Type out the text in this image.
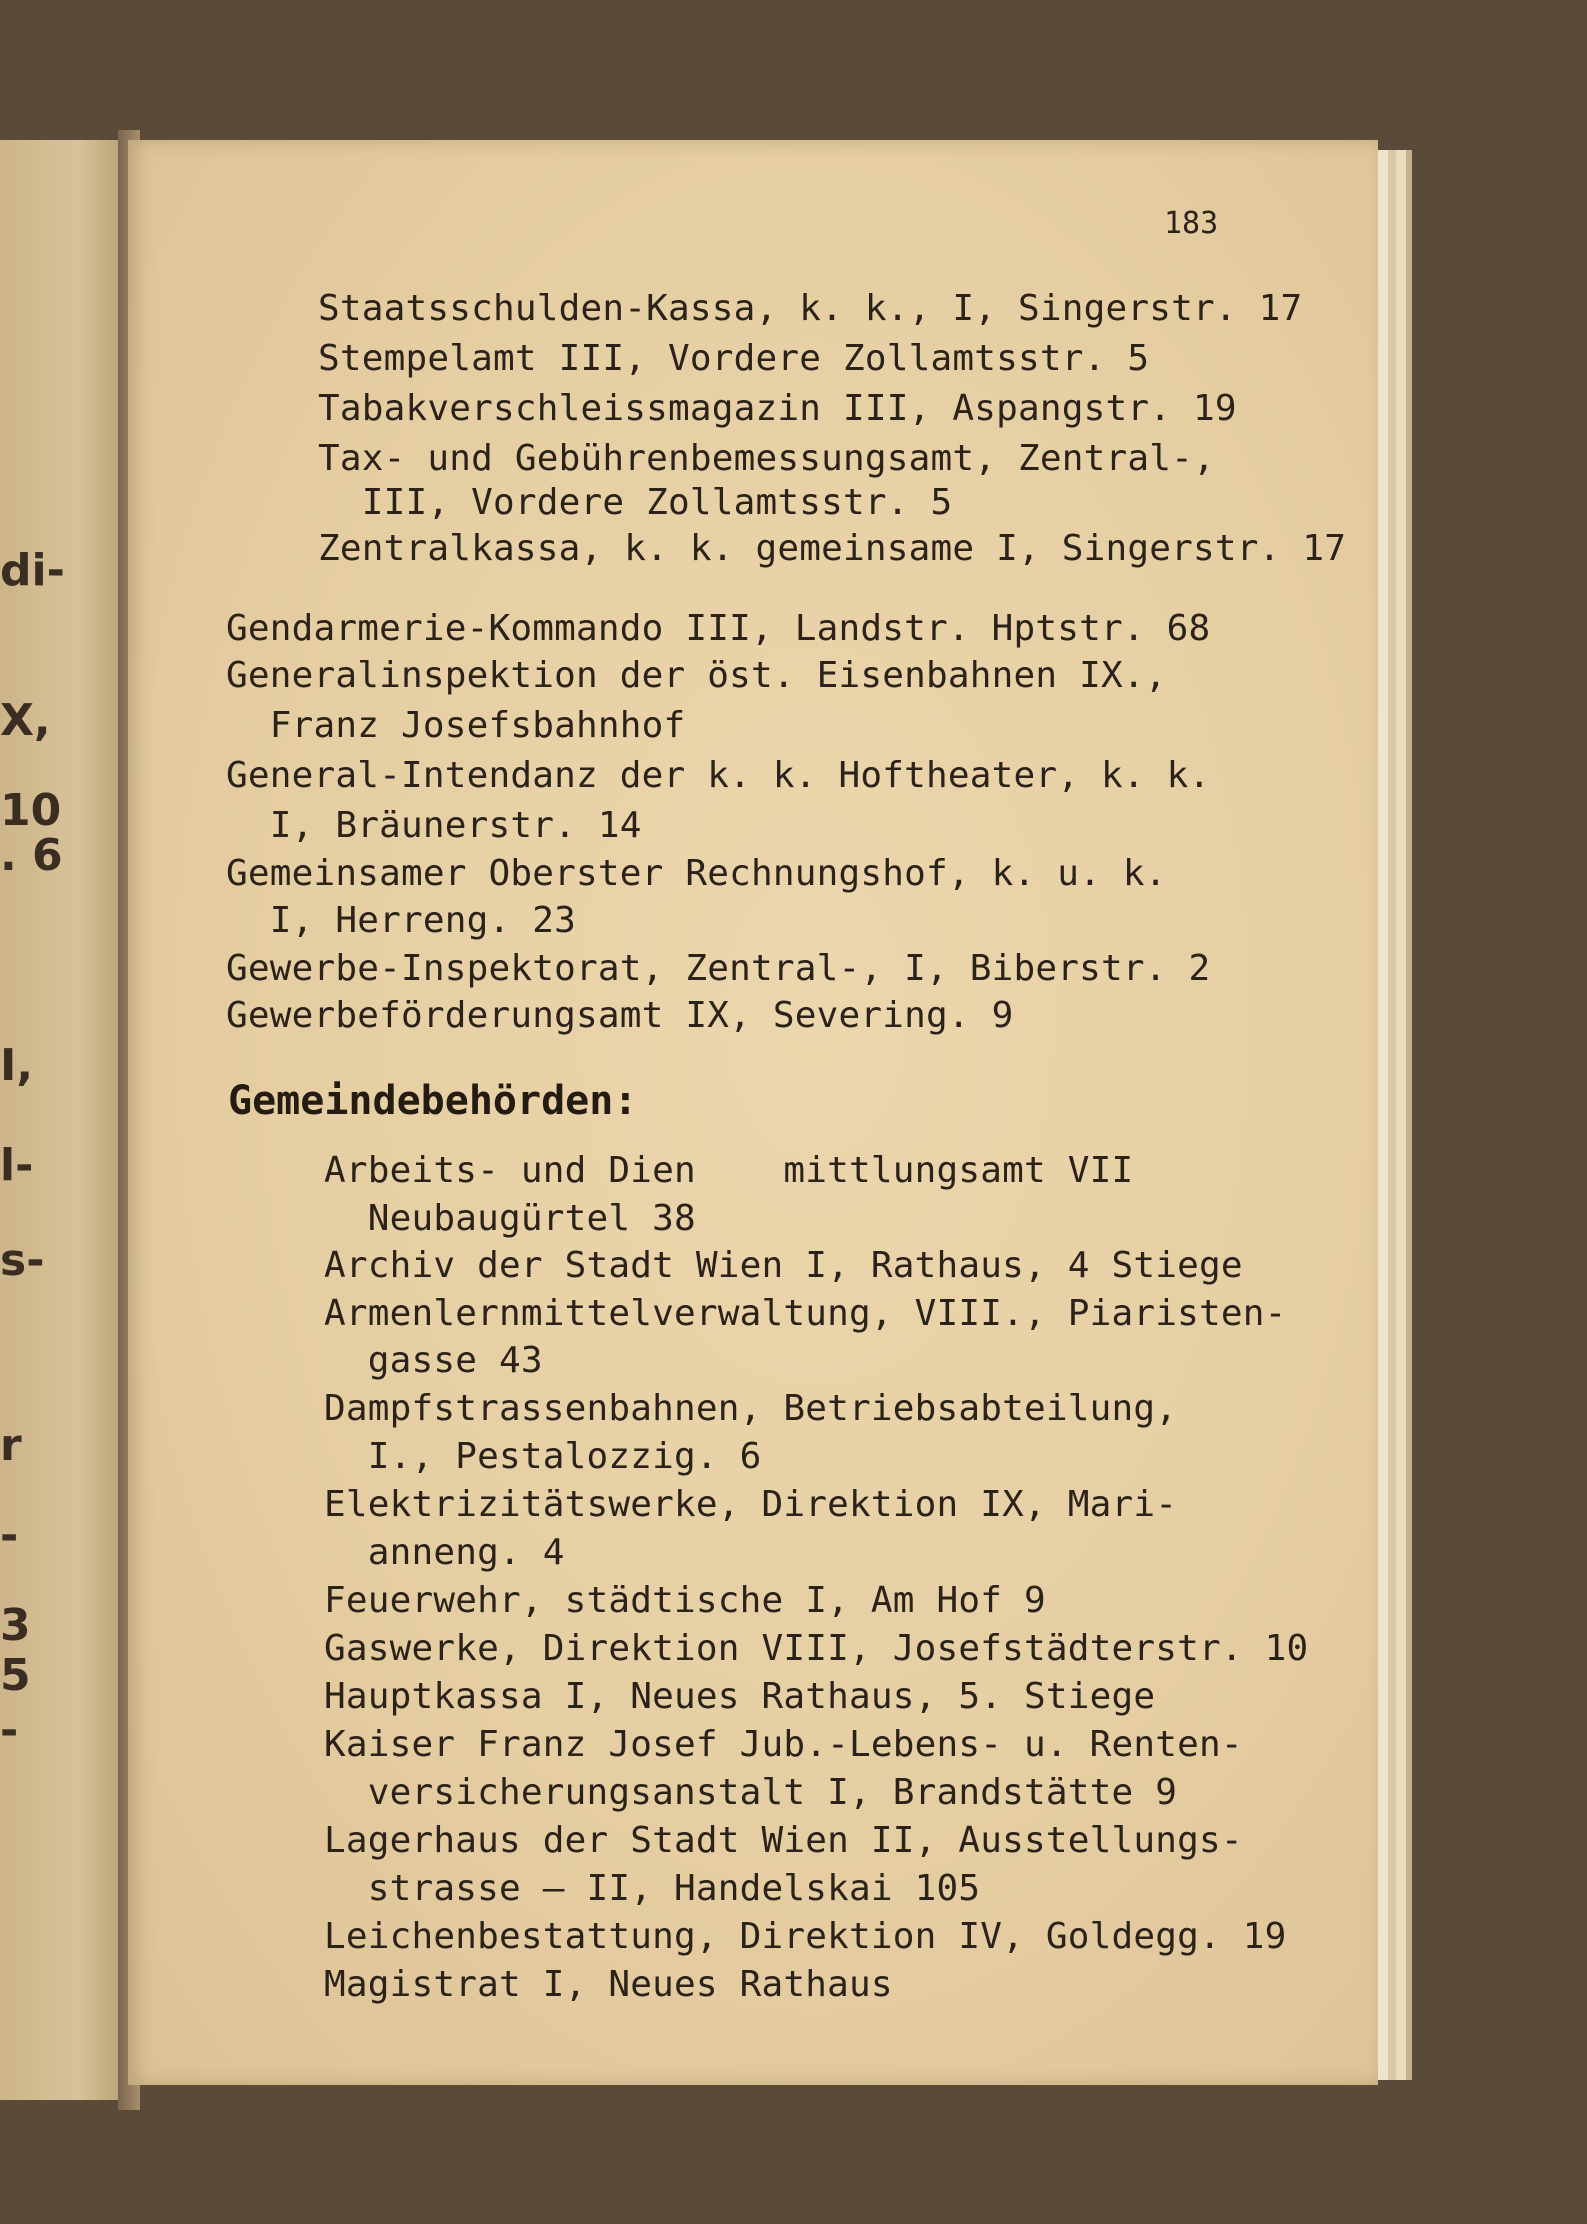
di-
X,
10
. 6
I,
l-
s-
r
-
3
5
-
183
Staatsschulden-Kassa, k. k., I, Singerstr. 17
Stempelamt III, Vordere Zollamtsstr. 5
Tabakverschleissmagazin III, Aspangstr. 19
Tax- und Gebührenbemessungsamt, Zentral-,
III, Vordere Zollamtsstr. 5
Zentralkassa, k. k. gemeinsame I, Singerstr. 17
Gendarmerie-Kommando III, Landstr. Hptstr. 68
Generalinspektion der öst. Eisenbahnen IX.,
Franz Josefsbahnhof
General-Intendanz der k. k. Hoftheater, k. k.
I, Bräunerstr. 14
Gemeinsamer Oberster Rechnungshof, k. u. k.
I, Herreng. 23
Gewerbe-Inspektorat, Zentral-, I, Biberstr. 2
Gewerbeförderungsamt IX, Severing. 9
Gemeindebehörden:
Arbeits- und Dien    mittlungsamt VII
Neubaugürtel 38
Archiv der Stadt Wien I, Rathaus, 4 Stiege
Armenlernmittelverwaltung, VIII., Piaristen-
gasse 43
Dampfstrassenbahnen, Betriebsabteilung,
I., Pestalozzig. 6
Elektrizitätswerke, Direktion IX, Mari-
anneng. 4
Feuerwehr, städtische I, Am Hof 9
Gaswerke, Direktion VIII, Josefstädterstr. 10
Hauptkassa I, Neues Rathaus, 5. Stiege
Kaiser Franz Josef Jub.-Lebens- u. Renten-
versicherungsanstalt I, Brandstätte 9
Lagerhaus der Stadt Wien II, Ausstellungs-
strasse — II, Handelskai 105
Leichenbestattung, Direktion IV, Goldegg. 19
Magistrat I, Neues Rathaus
